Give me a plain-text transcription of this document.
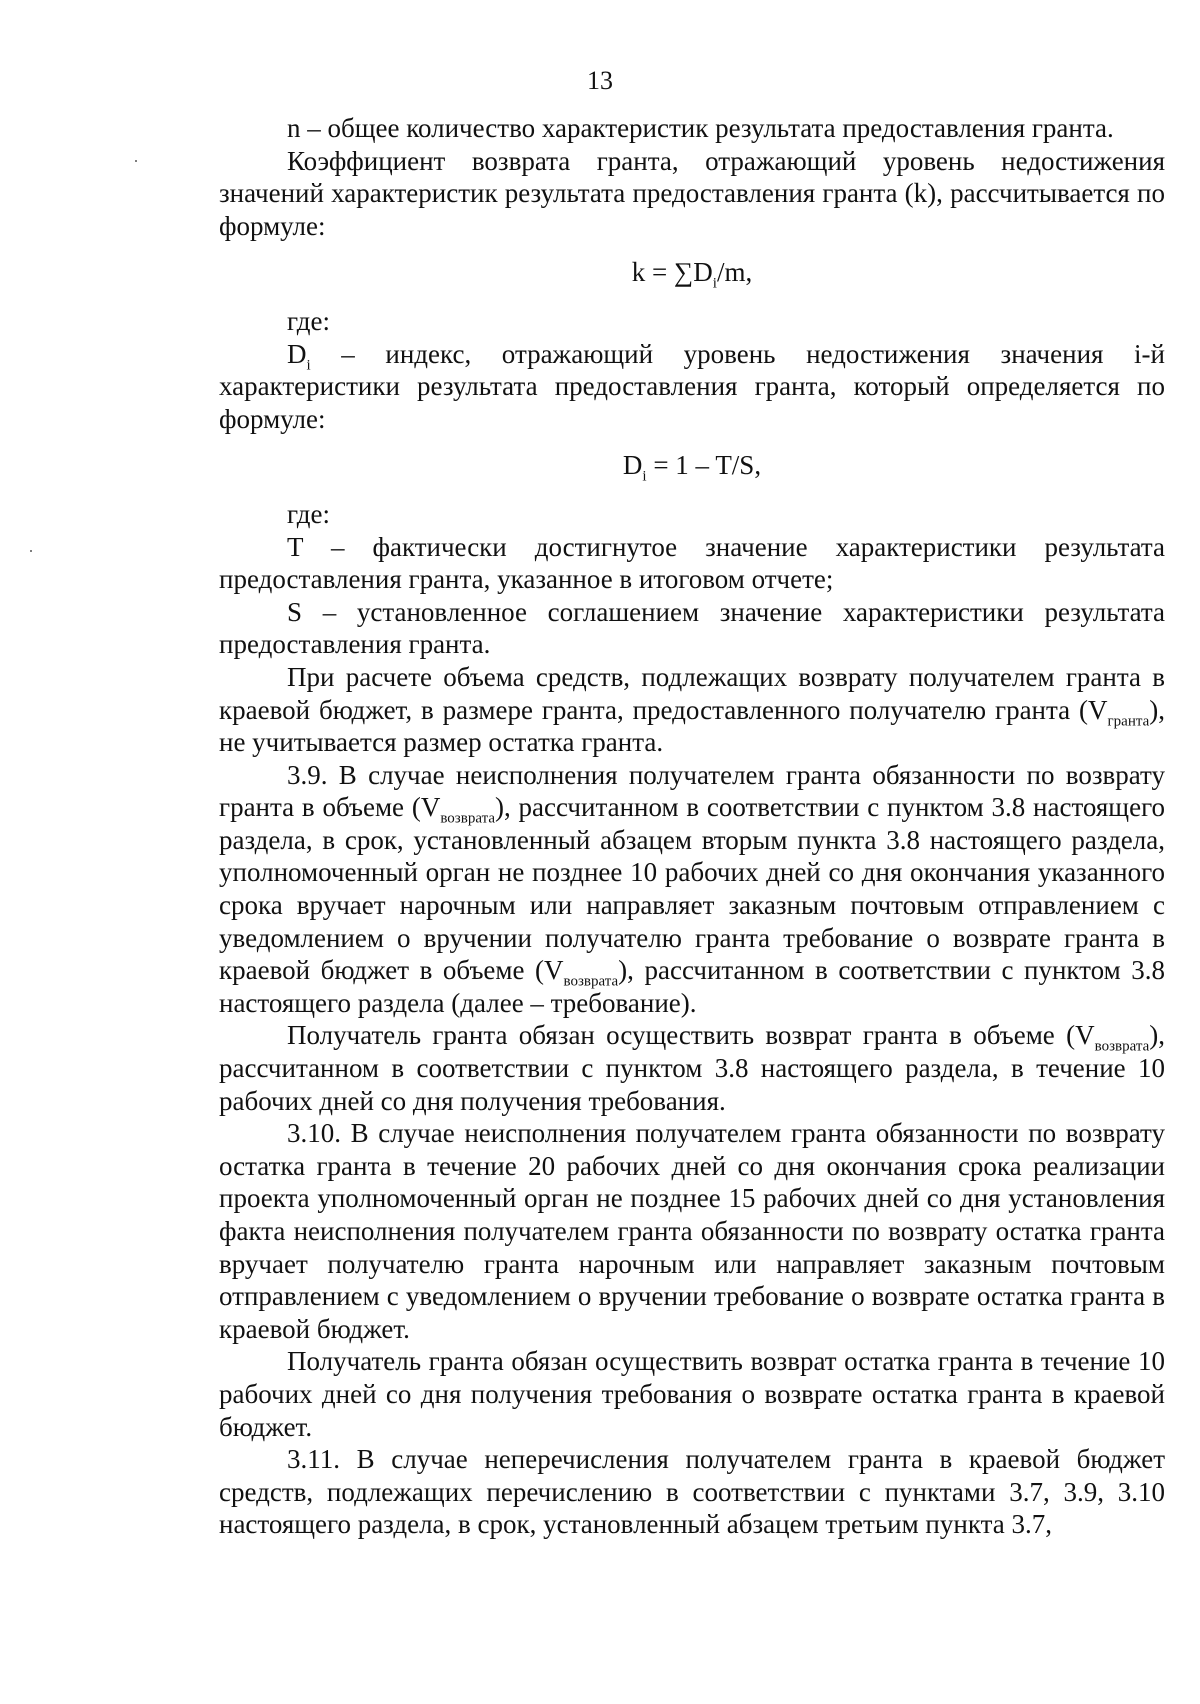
13

n – общее количество характеристик результата предоставления гранта.

Коэффициент возврата гранта, отражающий уровень недостижения значений характеристик результата предоставления гранта (k), рассчитывается по формуле:

$k = \sum D_i/m$,

где:

$D_i$ – индекс, отражающий уровень недостижения значения i-й характеристики результата предоставления гранта, который определяется по формуле:

$D_i = 1 - T/S$,

где:

T – фактически достигнутое значение характеристики результата предоставления гранта, указанное в итоговом отчете;

S – установленное соглашением значение характеристики результата предоставления гранта.

При расчете объема средств, подлежащих возврату получателем гранта в краевой бюджет, в размере гранта, предоставленного получателю гранта $(V_{гранта})$, не учитывается размер остатка гранта.

3.9. В случае неисполнения получателем гранта обязанности по возврату гранта в объеме $(V_{возврата})$, рассчитанном в соответствии с пунктом 3.8 настоящего раздела, в срок, установленный абзацем вторым пункта 3.8 настоящего раздела, уполномоченный орган не позднее 10 рабочих дней со дня окончания указанного срока вручает нарочным или направляет заказным почтовым отправлением с уведомлением о вручении получателю гранта требование о возврате гранта в краевой бюджет в объеме $(V_{возврата})$, рассчитанном в соответствии с пунктом 3.8 настоящего раздела (далее – требование).

Получатель гранта обязан осуществить возврат гранта в объеме $(V_{возврата})$, рассчитанном в соответствии с пунктом 3.8 настоящего раздела, в течение 10 рабочих дней со дня получения требования.

3.10. В случае неисполнения получателем гранта обязанности по возврату остатка гранта в течение 20 рабочих дней со дня окончания срока реализации проекта уполномоченный орган не позднее 15 рабочих дней со дня установления факта неисполнения получателем гранта обязанности по возврату остатка гранта вручает получателю гранта нарочным или направляет заказным почтовым отправлением с уведомлением о вручении требование о возврате остатка гранта в краевой бюджет.

Получатель гранта обязан осуществить возврат остатка гранта в течение 10 рабочих дней со дня получения требования о возврате остатка гранта в краевой бюджет.

3.11. В случае неперечисления получателем гранта в краевой бюджет средств, подлежащих перечислению в соответствии с пунктами 3.7, 3.9, 3.10 настоящего раздела, в срок, установленный абзацем третьим пункта 3.7,
